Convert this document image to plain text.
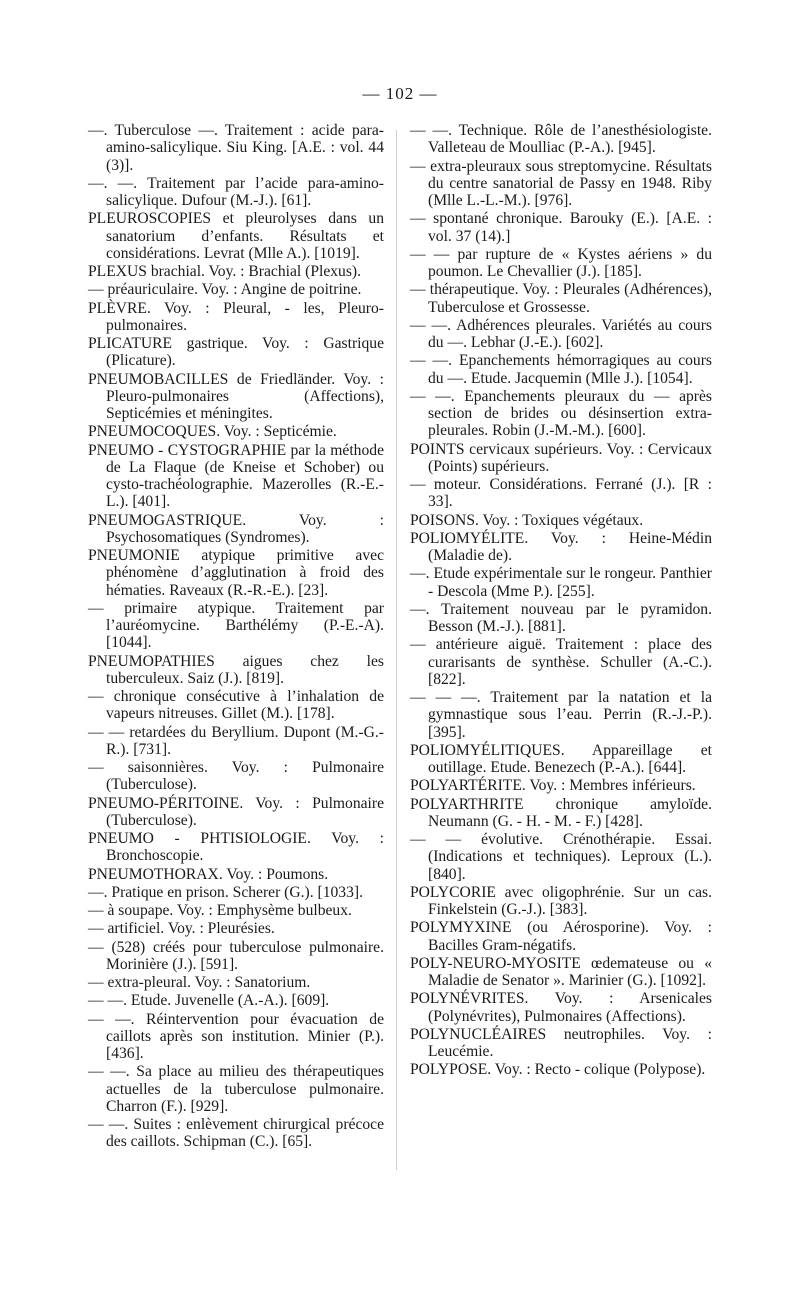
— 102 —

—. Tuberculose —. Traitement : acide para-amino-salicylique. Siu King. [A.E. : vol. 44 (3)].

—. —. Traitement par l’acide para-amino-salicylique. Dufour (M.-J.). [61].

PLEUROSCOPIES et pleurolyses dans un sanatorium d’enfants. Résultats et considérations. Levrat (Mlle A.). [1019].

PLEXUS brachial. Voy. : Brachial (Plexus).

— préauriculaire. Voy. : Angine de poitrine.

PLÈVRE. Voy. : Pleural, - les, Pleuro-pulmonaires.

PLICATURE gastrique. Voy. : Gastrique (Plicature).

PNEUMOBACILLES de Friedländer. Voy. : Pleuro-pulmonaires (Affections), Septicémies et méningites.

PNEUMOCOQUES. Voy. : Septicémie.

PNEUMO - CYSTOGRAPHIE par la méthode de La Flaque (de Kneise et Schober) ou cysto-trachéolographie. Mazerolles (R.-E.-L.). [401].

PNEUMOGASTRIQUE. Voy. : Psychosomatiques (Syndromes).

PNEUMONIE atypique primitive avec phénomène d’agglutination à froid des hématies. Raveaux (R.-R.-E.). [23].

— primaire atypique. Traitement par l’auréomycine. Barthélémy (P.-E.-A). [1044].

PNEUMOPATHIES aigues chez les tuberculeux. Saiz (J.). [819].

— chronique consécutive à l’inhalation de vapeurs nitreuses. Gillet (M.). [178].

— — retardées du Beryllium. Dupont (M.-G.-R.). [731].

— saisonnières. Voy. : Pulmonaire (Tuberculose).

PNEUMO-PÉRITOINE. Voy. : Pulmonaire (Tuberculose).

PNEUMO - PHTISIOLOGIE. Voy. : Bronchoscopie.

PNEUMOTHORAX. Voy. : Poumons.

—. Pratique en prison. Scherer (G.). [1033].

— à soupape. Voy. : Emphysème bulbeux.

— artificiel. Voy. : Pleurésies.

— (528) créés pour tuberculose pulmonaire. Morinière (J.). [591].

— extra-pleural. Voy. : Sanatorium.

— —. Etude. Juvenelle (A.-A.). [609].

— —. Réintervention pour évacuation de caillots après son institution. Minier (P.). [436].

— —. Sa place au milieu des thérapeutiques actuelles de la tuberculose pulmonaire. Charron (F.). [929].

— —. Suites : enlèvement chirurgical précoce des caillots. Schipman (C.). [65].

— —. Technique. Rôle de l’anesthésiologiste. Valleteau de Moulliac (P.-A.). [945].

— extra-pleuraux sous streptomycine. Résultats du centre sanatorial de Passy en 1948. Riby (Mlle L.-L.-M.). [976].

— spontané chronique. Barouky (E.). [A.E. : vol. 37 (14).]

— — par rupture de « Kystes aériens » du poumon. Le Chevallier (J.). [185].

— thérapeutique. Voy. : Pleurales (Adhérences), Tuberculose et Grossesse.

— —. Adhérences pleurales. Variétés au cours du —. Lebhar (J.-E.). [602].

— —. Epanchements hémorragiques au cours du —. Etude. Jacquemin (Mlle J.). [1054].

— —. Epanchements pleuraux du — après section de brides ou désinsertion extra-pleurales. Robin (J.-M.-M.). [600].

POINTS cervicaux supérieurs. Voy. : Cervicaux (Points) supérieurs.

— moteur. Considérations. Ferrané (J.). [R : 33].

POISONS. Voy. : Toxiques végétaux.

POLIOMYÉLITE. Voy. : Heine-Médin (Maladie de).

—. Etude expérimentale sur le rongeur. Panthier - Descola (Mme P.). [255].

—. Traitement nouveau par le pyramidon. Besson (M.-J.). [881].

— antérieure aiguë. Traitement : place des curarisants de synthèse. Schuller (A.-C.). [822].

— — —. Traitement par la natation et la gymnastique sous l’eau. Perrin (R.-J.-P.). [395].

POLIOMYÉLITIQUES. Appareillage et outillage. Etude. Benezech (P.-A.). [644].

POLYARTÉRITE. Voy. : Membres inférieurs.

POLYARTHRITE chronique amyloïde. Neumann (G. - H. - M. - F.) [428].

— — évolutive. Crénothérapie. Essai. (Indications et techniques). Leproux (L.). [840].

POLYCORIE avec oligophrénie. Sur un cas. Finkelstein (G.-J.). [383].

POLYMYXINE (ou Aérosporine). Voy. : Bacilles Gram-négatifs.

POLY-NEURO-MYOSITE œdemateuse ou « Maladie de Senator ». Marinier (G.). [1092].

POLYNÉVRITES. Voy. : Arsenicales (Polynévrites), Pulmonaires (Affections).

POLYNUCLÉAIRES neutrophiles. Voy. : Leucémie.

POLYPOSE. Voy. : Recto - colique (Polypose).
